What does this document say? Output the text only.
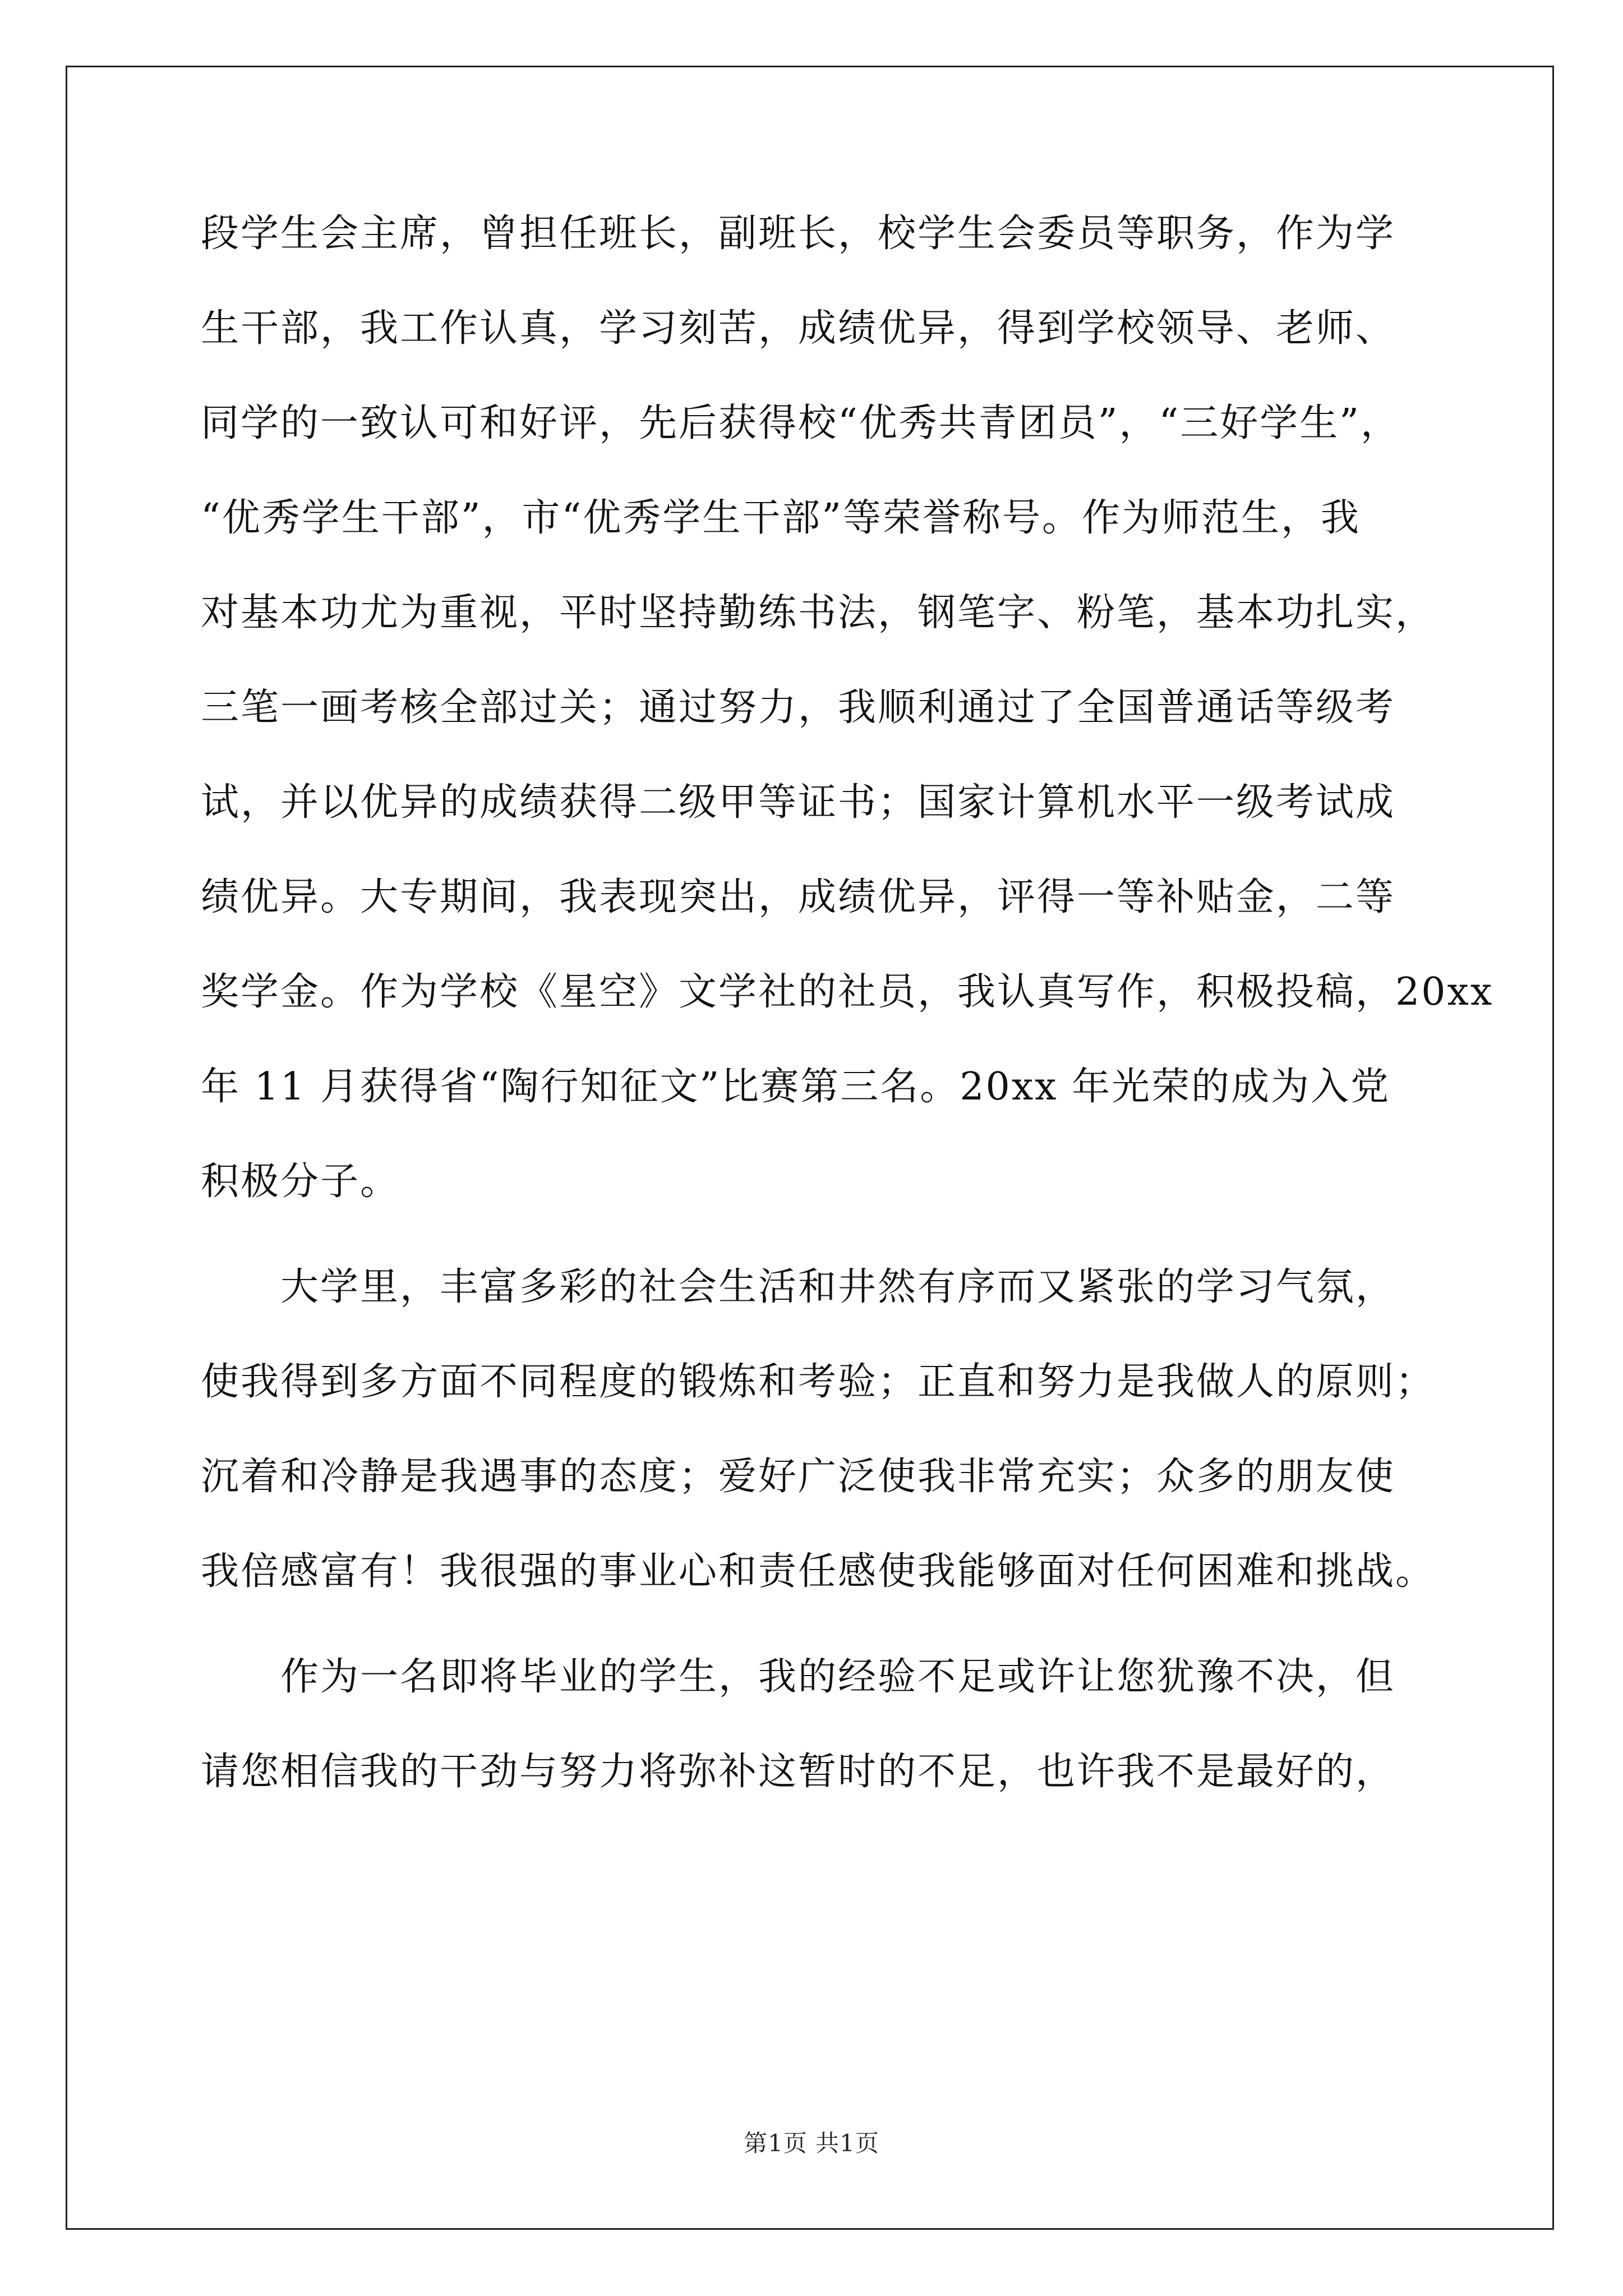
段学生会主席，曾担任班长，副班长，校学生会委员等职务，作为学
生干部，我工作认真，学习刻苦，成绩优异，得到学校领导、老师、
同学的一致认可和好评，先后获得校“优秀共青团员”，“三好学生”，
“优秀学生干部”，市“优秀学生干部”等荣誉称号。作为师范生，我
对基本功尤为重视，平时坚持勤练书法，钢笔字、粉笔，基本功扎实，
三笔一画考核全部过关；通过努力，我顺利通过了全国普通话等级考
试，并以优异的成绩获得二级甲等证书；国家计算机水平一级考试成
绩优异。大专期间，我表现突出，成绩优异，评得一等补贴金，二等
奖学金。作为学校《星空》文学社的社员，我认真写作，积极投稿，20xx
年 11 月获得省“陶行知征文”比赛第三名。20xx 年光荣的成为入党
积极分子。
大学里，丰富多彩的社会生活和井然有序而又紧张的学习气氛，
使我得到多方面不同程度的锻炼和考验；正直和努力是我做人的原则；
沉着和冷静是我遇事的态度；爱好广泛使我非常充实；众多的朋友使
我倍感富有！我很强的事业心和责任感使我能够面对任何困难和挑战。
作为一名即将毕业的学生，我的经验不足或许让您犹豫不决，但
请您相信我的干劲与努力将弥补这暂时的不足，也许我不是最好的，
第1页 共1页
